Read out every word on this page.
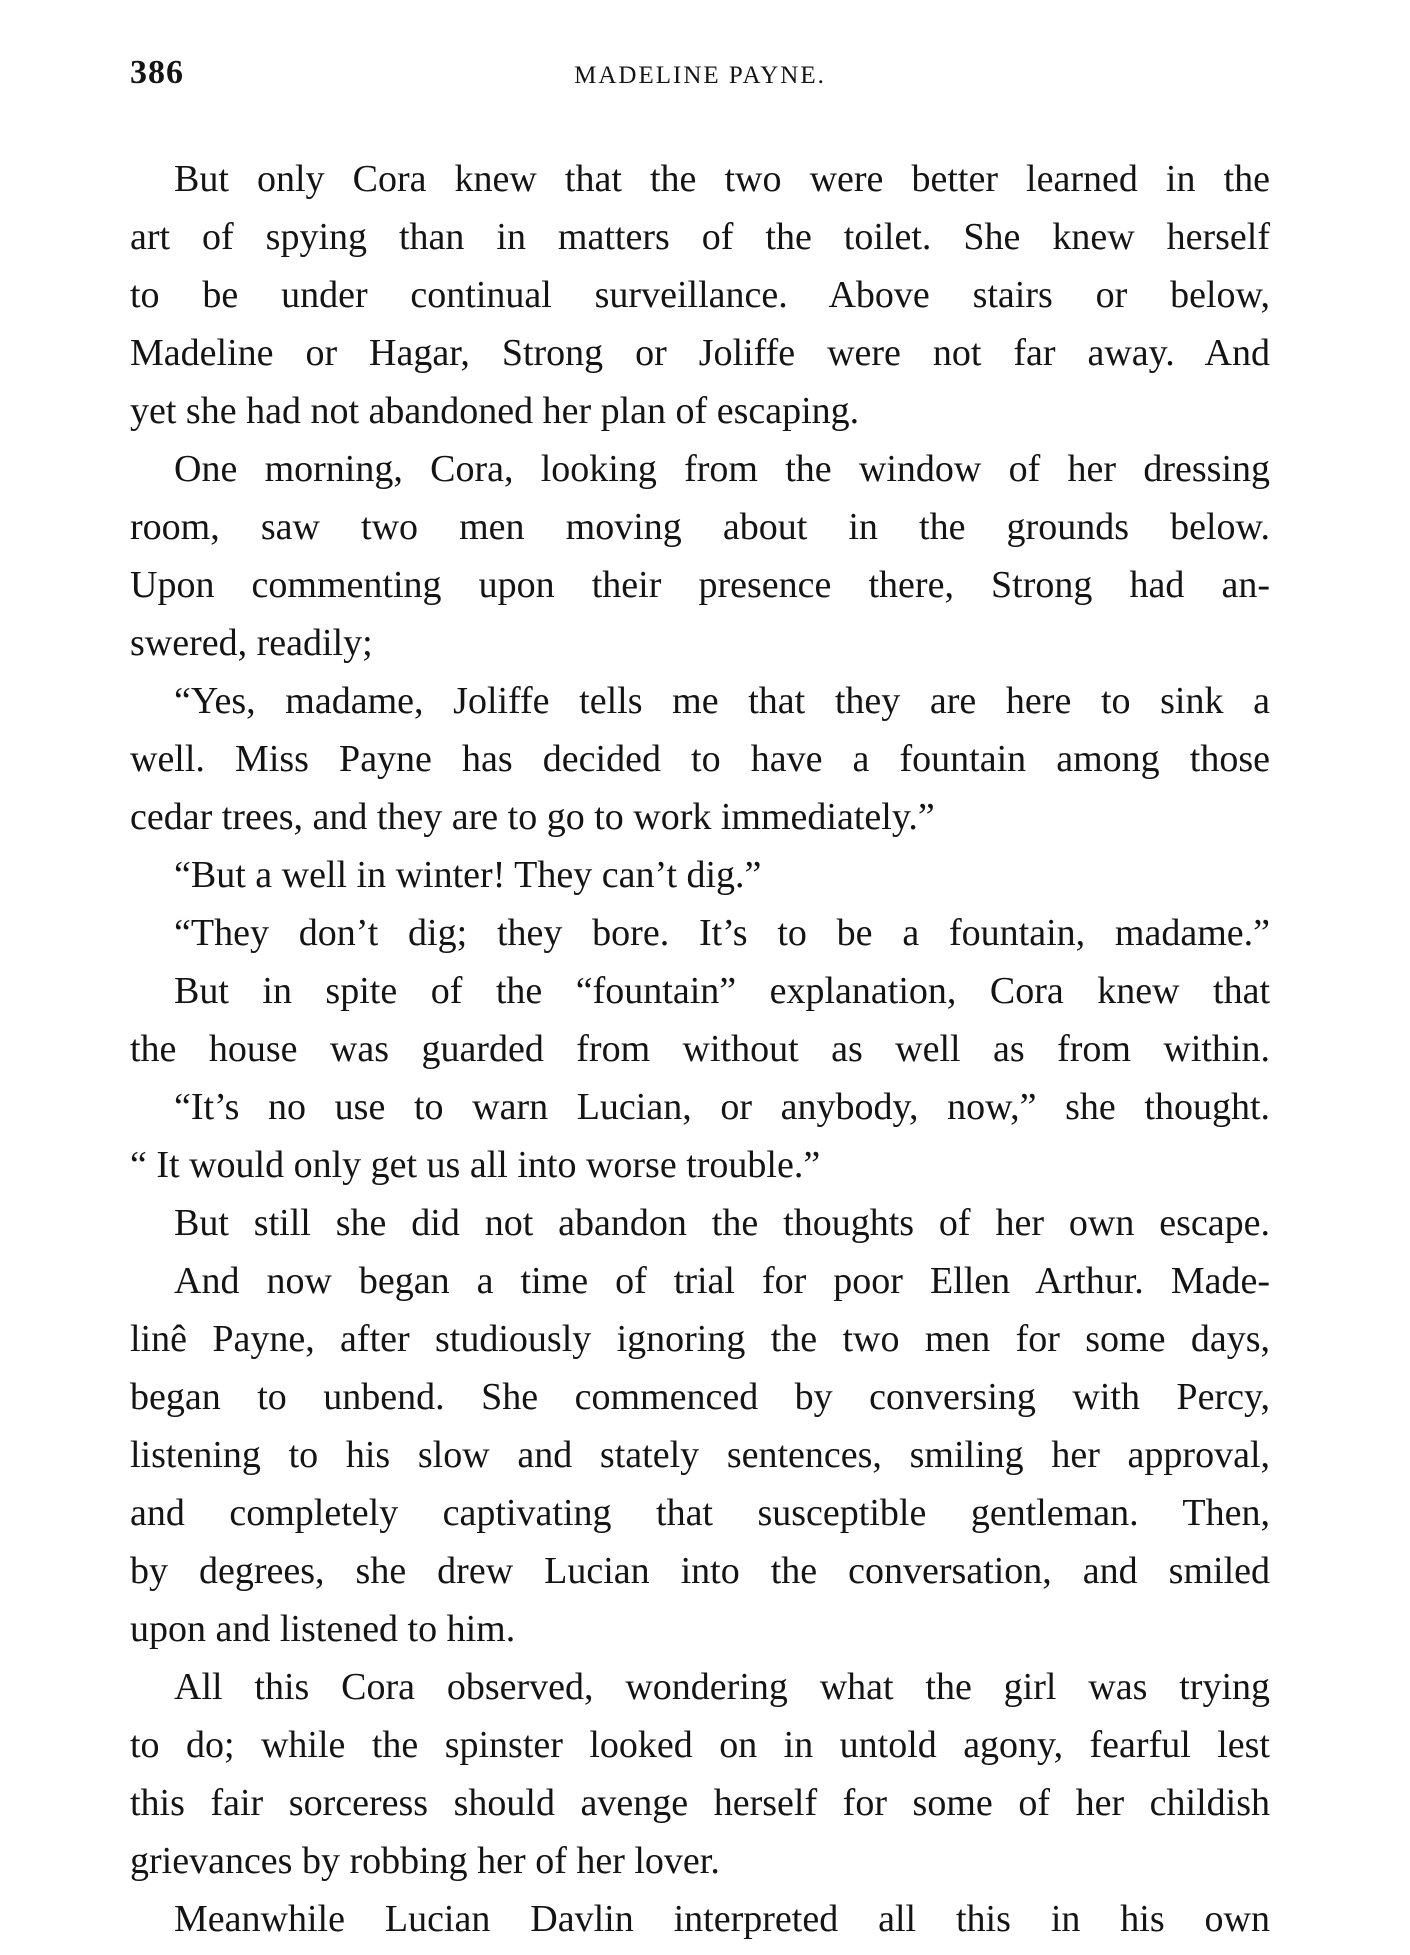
386	MADELINE PAYNE.
But only Cora knew that the two were better learned in the
art of spying than in matters of the toilet. She knew herself
to be under continual surveillance. Above stairs or below,
Madeline or Hagar, Strong or Joliffe were not far away. And
yet she had not abandoned her plan of escaping.
One morning, Cora, looking from the window of her dressing
room, saw two men moving about in the grounds below.
Upon commenting upon their presence there, Strong had an-
swered, readily;
“Yes, madame, Joliffe tells me that they are here to sink a
well. Miss Payne has decided to have a fountain among those
cedar trees, and they are to go to work immediately.”
“But a well in winter! They can’t dig.”
“They don’t dig; they bore. It’s to be a fountain, madame.”
But in spite of the “fountain” explanation, Cora knew that
the house was guarded from without as well as from within.
“It’s no use to warn Lucian, or anybody, now,” she thought.
“ It would only get us all into worse trouble.”
But still she did not abandon the thoughts of her own escape.
And now began a time of trial for poor Ellen Arthur. Made-
linê Payne, after studiously ignoring the two men for some days,
began to unbend. She commenced by conversing with Percy,
listening to his slow and stately sentences, smiling her approval,
and completely captivating that susceptible gentleman. Then,
by degrees, she drew Lucian into the conversation, and smiled
upon and listened to him.
All this Cora observed, wondering what the girl was trying
to do; while the spinster looked on in untold agony, fearful lest
this fair sorceress should avenge herself for some of her childish
grievances by robbing her of her lover.
Meanwhile Lucian Davlin interpreted all this in his own
